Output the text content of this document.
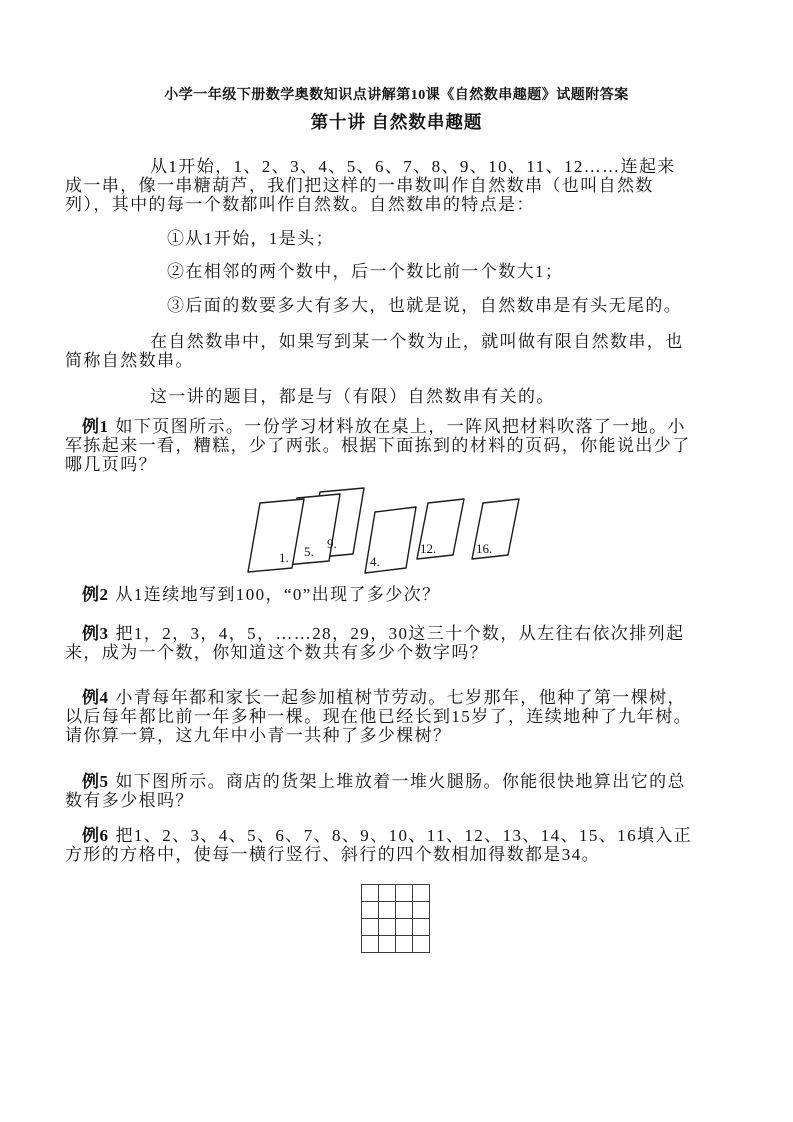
小学一年级下册数学奥数知识点讲解第10课《自然数串趣题》试题附答案
第十讲 自然数串趣题
从1开始，1、2、3、4、5、6、7、8、9、10、11、12……连起来成一串，像一串糖葫芦，我们把这样的一串数叫作自然数串（也叫自然数列），其中的每一个数都叫作自然数。自然数串的特点是：
①从1开始，1是头；
②在相邻的两个数中，后一个数比前一个数大1；
③后面的数要多大有多大，也就是说，自然数串是有头无尾的。
在自然数串中，如果写到某一个数为止，就叫做有限自然数串，也简称自然数串。
这一讲的题目，都是与（有限）自然数串有关的。
例1 如下页图所示。一份学习材料放在桌上，一阵风把材料吹落了一地。小军拣起来一看，糟糕，少了两张。根据下面拣到的材料的页码，你能说出少了哪几页吗？
1. 5.
9.
4.
12.	16.
例2 从1连续地写到100，“0”出现了多少次？
例3 把1，2，3，4，5，……28，29，30这三十个数，从左往右依次排列起来，成为一个数，你知道这个数共有多少个数字吗？
例4 小青每年都和家长一起参加植树节劳动。七岁那年，他种了第一棵树，以后每年都比前一年多种一棵。现在他已经长到15岁了，连续地种了九年树。请你算一算，这九年中小青一共种了多少棵树？
例5 如下图所示。商店的货架上堆放着一堆火腿肠。你能很快地算出它的总数有多少根吗？
例6 把1、2、3、4、5、6、7、8、9、10、11、12、13、14、15、16填入正方形的方格中，使每一横行竖行、斜行的四个数相加得数都是34。
